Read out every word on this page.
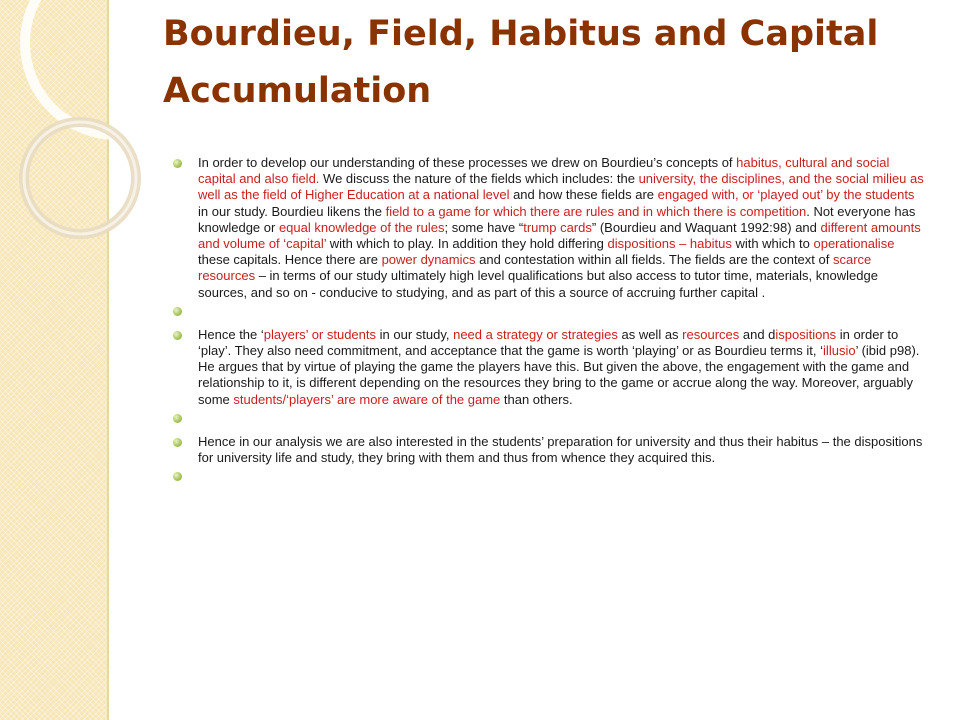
Bourdieu, Field, Habitus and Capital Accumulation
In order to develop our understanding of these processes we drew on Bourdieu’s concepts of habitus, cultural and social capital and also field. We discuss the nature of the fields which includes: the university, the disciplines, and the social milieu as well as the field of Higher Education at a national level and how these fields are engaged with, or ‘played out’ by the students in our study. Bourdieu likens the field to a game for which there are rules and in which there is competition. Not everyone has knowledge or equal knowledge of the rules; some have “trump cards” (Bourdieu and Waquant 1992:98) and different amounts and volume of ‘capital’ with which to play. In addition they hold differing dispositions – habitus with which to operationalise these capitals. Hence there are power dynamics and contestation within all fields. The fields are the context of scarce resources – in terms of our study ultimately high level qualifications but also access to tutor time, materials, knowledge sources, and so on - conducive to studying, and as part of this a source of accruing further capital .
Hence the ‘players’ or students in our study, need a strategy or strategies as well as resources and dispositions in order to ‘play’. They also need commitment, and acceptance that the game is worth ‘playing’ or as Bourdieu terms it, ‘illusio’ (ibid p98). He argues that by virtue of playing the game the players have this. But given the above, the engagement with the game and relationship to it, is different depending on the resources they bring to the game or accrue along the way. Moreover, arguably some students/‘players’ are more aware of the game than others.
Hence in our analysis we are also interested in the students’ preparation for university and thus their habitus – the dispositions for university life and study, they bring with them and thus from whence they acquired this.
